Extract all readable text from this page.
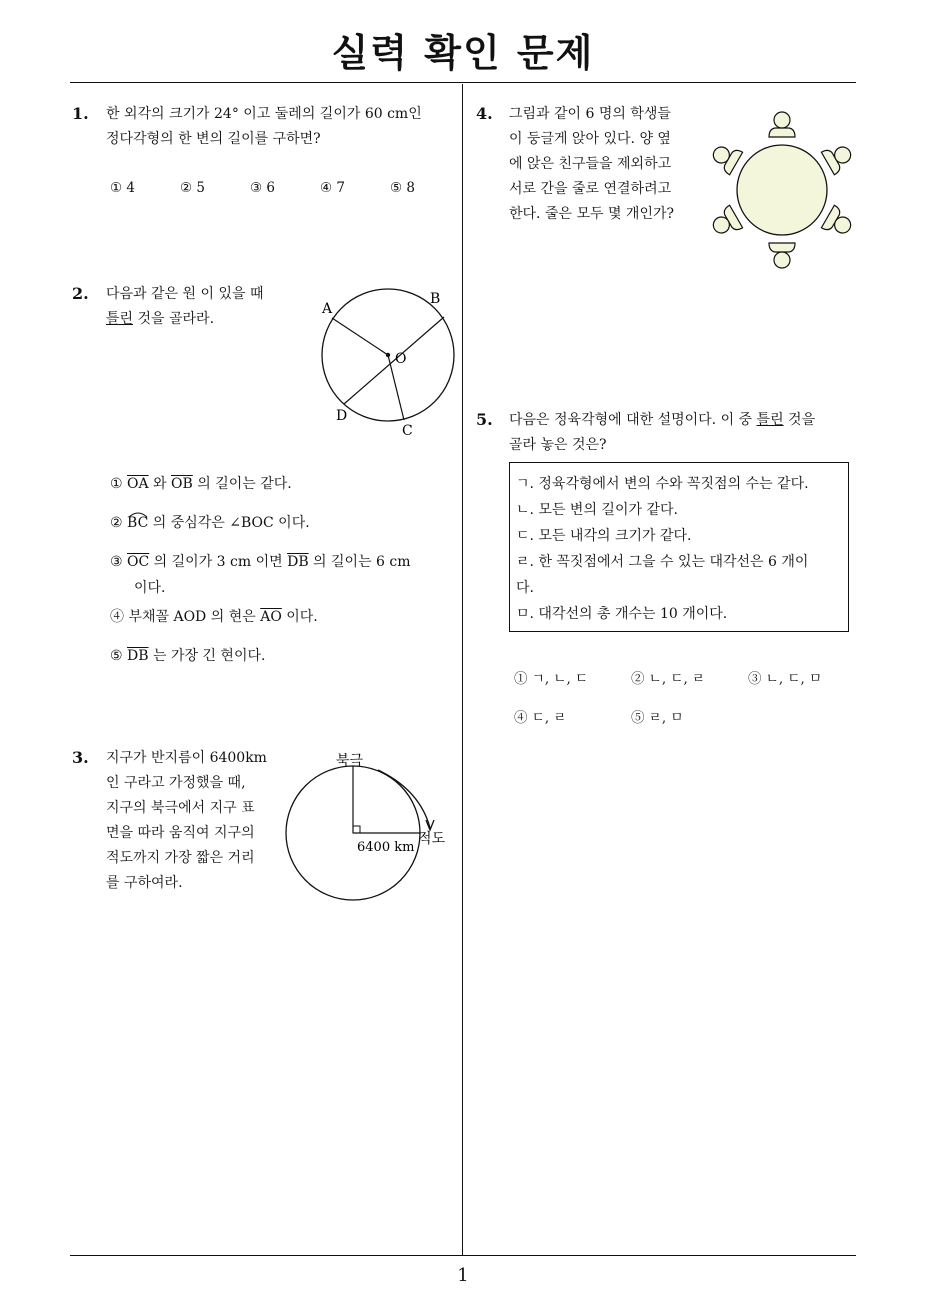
실력 확인 문제
1
1. 한 외각의 크기가 24° 이고 둘레의 길이가 60 cm인
정다각형의 한 변의 길이를 구하면?
① 4	② 5	③ 6	④ 7	⑤ 8
2. 다음과 같은 원 이 있을 때
틀린 것을 골라라.
A
B
O
D
C
① $\overline{OA}$ 와 $\overline{OB}$ 의 길이는 같다.
②
BC 의 중심각은 ∠BOC 이다.
③ $\overline{OC}$ 의 길이가 3 cm 이면 $\overline{DB}$ 의 길이는 6 cm
이다.
④ 부채꼴 AOD 의 현은 $\overline{AO}$ 이다.
⑤ $\overline{DB}$ 는 가장 긴 현이다.
3. 지구가 반지름이 6400km
인 구라고 가정했을 때,
지구의 북극에서 지구 표
면을 따라 움직여 지구의
적도까지 가장 짧은 거리
를 구하여라.
북극
적도
6400 km
4. 그림과 같이 6 명의 학생들
이 둥글게 앉아 있다. 양 옆
에 앉은 친구들을 제외하고
서로 간을 줄로 연결하려고
한다. 줄은 모두 몇 개인가?
5. 다음은 정육각형에 대한 설명이다. 이 중 틀린 것을
골라 놓은 것은?
ㄱ. 정육각형에서 변의 수와 꼭짓점의 수는 같다.
ㄴ. 모든 변의 길이가 같다.
ㄷ. 모든 내각의 크기가 같다.
ㄹ. 한 꼭짓점에서 그을 수 있는 대각선은 6 개이
다.
ㅁ. 대각선의 총 개수는 10 개이다.
① ㄱ, ㄴ, ㄷ	② ㄴ, ㄷ, ㄹ	③ ㄴ, ㄷ, ㅁ
④ ㄷ, ㄹ	⑤ ㄹ, ㅁ
